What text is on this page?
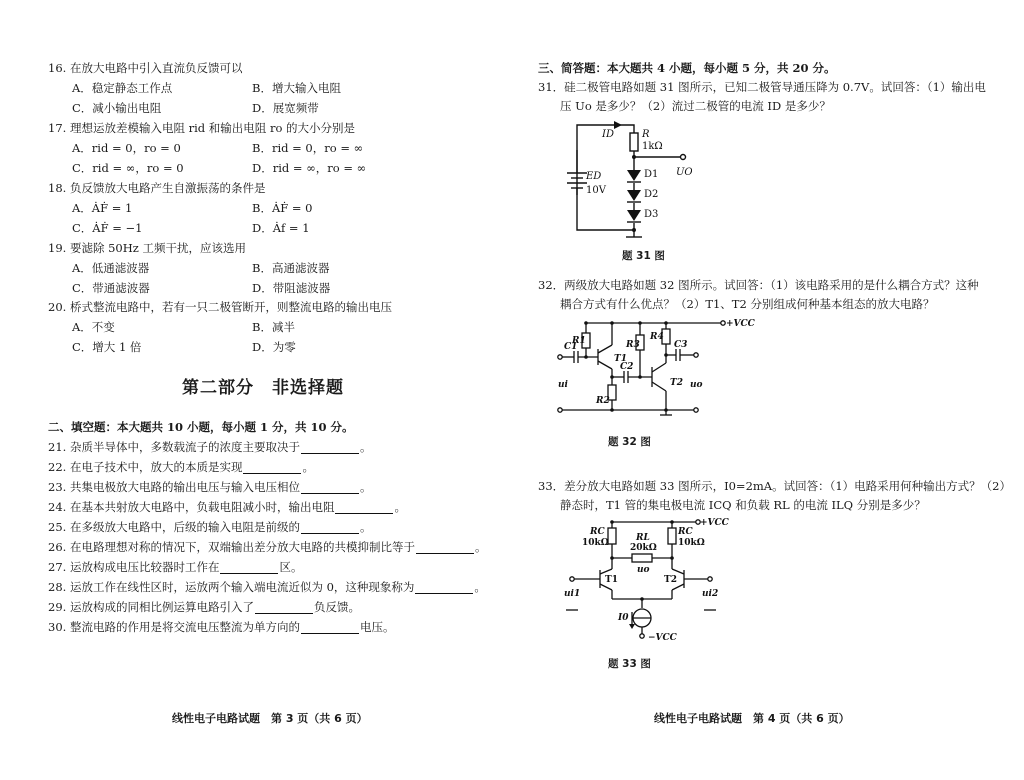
16. 在放大电路中引入直流负反馈可以
A．稳定静态工作点	B．增大输入电阻
C．减小输出电阻	D．展宽频带
17. 理想运放差模输入电阻 rid 和输出电阻 ro 的大小分别是
A．rid = 0，ro = 0	B．rid = 0，ro = ∞
C．rid = ∞，ro = 0	D．rid = ∞，ro = ∞
18. 负反馈放大电路产生自激振荡的条件是
A．ȦḞ = 1	B．ȦḞ = 0
C．ȦḞ = −1	D．Ȧf = 1
19. 要滤除 50Hz 工频干扰，应该选用
A．低通滤波器	B．高通滤波器
C．带通滤波器	D．带阻滤波器
20. 桥式整流电路中，若有一只二极管断开，则整流电路的输出电压
A．不变	B．减半
C．增大 1 倍	D．为零
第二部分　非选择题
二、填空题：本大题共 10 小题，每小题 1 分，共 10 分。
21. 杂质半导体中，多数载流子的浓度主要取决于	。
22. 在电子技术中，放大的本质是实现	。
23. 共集电极放大电路的输出电压与输入电压相位	。
24. 在基本共射放大电路中，负载电阻减小时，输出电阻	。
25. 在多级放大电路中，后级的输入电阻是前级的	。
26. 在电路理想对称的情况下，双端输出差分放大电路的共模抑制比等于	。
27. 运放构成电压比较器时工作在	区。
28. 运放工作在线性区时，运放两个输入端电流近似为 0，这种现象称为	。
29. 运放构成的同相比例运算电路引入了	负反馈。
30. 整流电路的作用是将交流电压整流为单方向的	电压。
线性电子电路试题　第 3 页（共 6 页）
三、简答题：本大题共 4 小题，每小题 5 分，共 20 分。
31．硅二极管电路如题 31 图所示，已知二极管导通压降为 0.7V。试回答：（1）输出电
压 Uo 是多少？（2）流过二极管的电流 ID 是多少？
ID	R
ED	UO
1kΩ
10V
D1
D2
D3
题 31 图
32．两级放大电路如题 32 图所示。试回答：（1）该电路采用的是什么耦合方式？这种
耦合方式有什么优点？（2）T1、T2 分别组成何种基本组态的放大电路？
+VCC
R1
R2
R3
R4
C1
C2
C3
T1
T2
ui	uo
题 32 图
33．差分放大电路如题 33 图所示，I0=2mA。试回答：（1）电路采用何种输出方式？（2）
静态时，T1 管的集电极电流 ICQ 和负载 RL 的电流 ILQ 分别是多少？
+VCC
RC
10kΩ	RL
20kΩ
RC
10kΩ
uo
T1	T2
ui1	ui2
I0
−VCC
题 33 图
线性电子电路试题　第 4 页（共 6 页）
